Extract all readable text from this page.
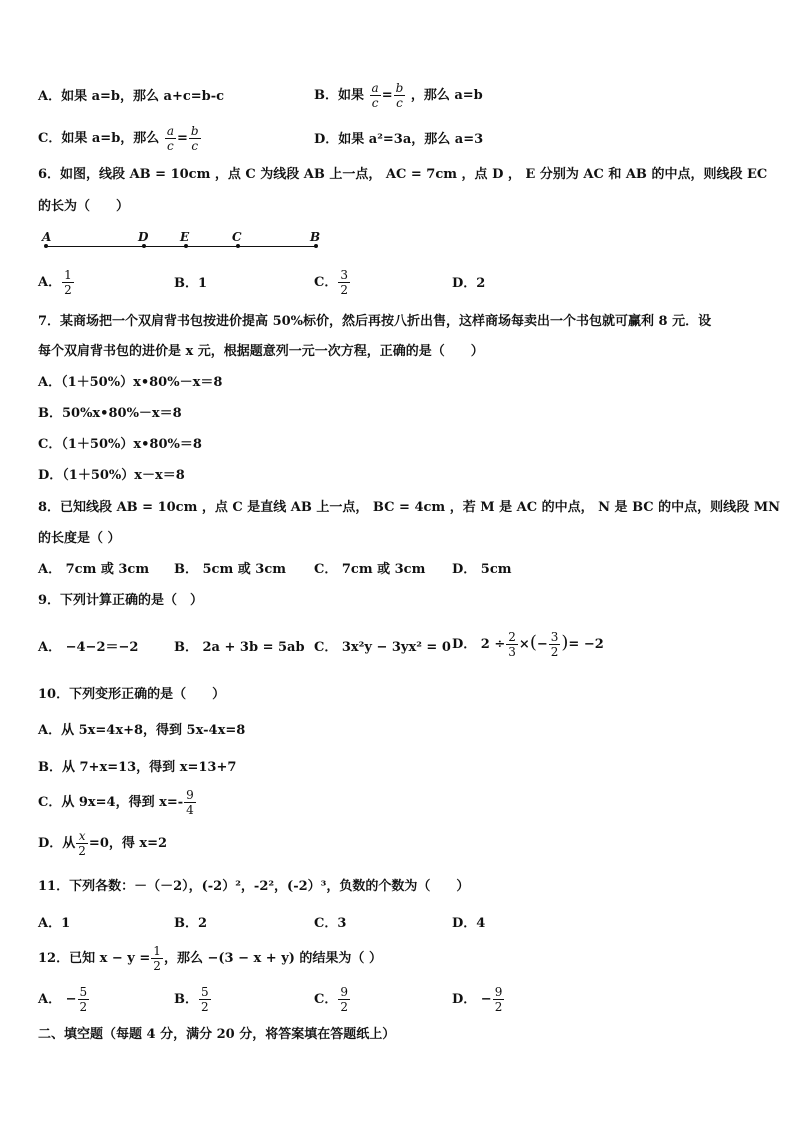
A．如果 a=b，那么 a+c=b-c	B．如果 $\frac{a}{c} = \frac{b}{c}$ ，那么 a=b
C．如果 a=b，那么 $\frac{a}{c} = \frac{b}{c}$	D．如果 a²=3a，那么 a=3
6．如图，线段 AB = 10cm ，点 C 为线段 AB 上一点， AC = 7cm ，点 D ， E 分别为 AC 和 AB 的中点，则线段 EC
的长为（　　）
A	D	E	C	B
A． $\frac{1}{2}$	B．1	C． $\frac{3}{2}$	D．2
7．某商场把一个双肩背书包按进价提高 50%标价，然后再按八折出售，这样商场每卖出一个书包就可赢利 8 元．设
每个双肩背书包的进价是 x 元，根据题意列一元一次方程，正确的是（　　）
A．（1＋50%）x•80%－x＝8
B．50%x•80%－x＝8
C．（1＋50%）x•80%＝8
D．（1＋50%）x－x＝8
8．已知线段 AB = 10cm ，点 C 是直线 AB 上一点， BC = 4cm ，若 M 是 AC 的中点， N 是 BC 的中点，则线段 MN
的长度是（ ）
A． 7cm 或 3cm B． 5cm 或 3cm C． 7cm 或 3cm D． 5cm
9．下列计算正确的是（　）
A． −4−2＝−2	B． 2a + 3b = 5ab C． 3x²y − 3yx² = 0 D． $2 \div \frac{2}{3}$ ×(− $\frac{3}{2}$ )= −2
10．下列变形正确的是（　　）
A．从 5x=4x+8，得到 5x-4x=8
B．从 7+x=13，得到 x=13+7
C．从 9x=4，得到 $x=- \frac{9}{4}$
D．从 $\frac{x}{2} =0$，得 x=2
11．下列各数：－（－2），(-2）²，-2²，(-2）³，负数的个数为（　　）
A．1	B．2	C．3	D．4
12．已知 $x - y = \frac{1}{2}$ ，那么 −(3 − x + y) 的结果为（ ）
A． − $\frac{5}{2}$	B． $\frac{5}{2}$	C． $\frac{9}{2}$	D． − $\frac{9}{2}$
二、填空题（每题 4 分，满分 20 分，将答案填在答题纸上）
